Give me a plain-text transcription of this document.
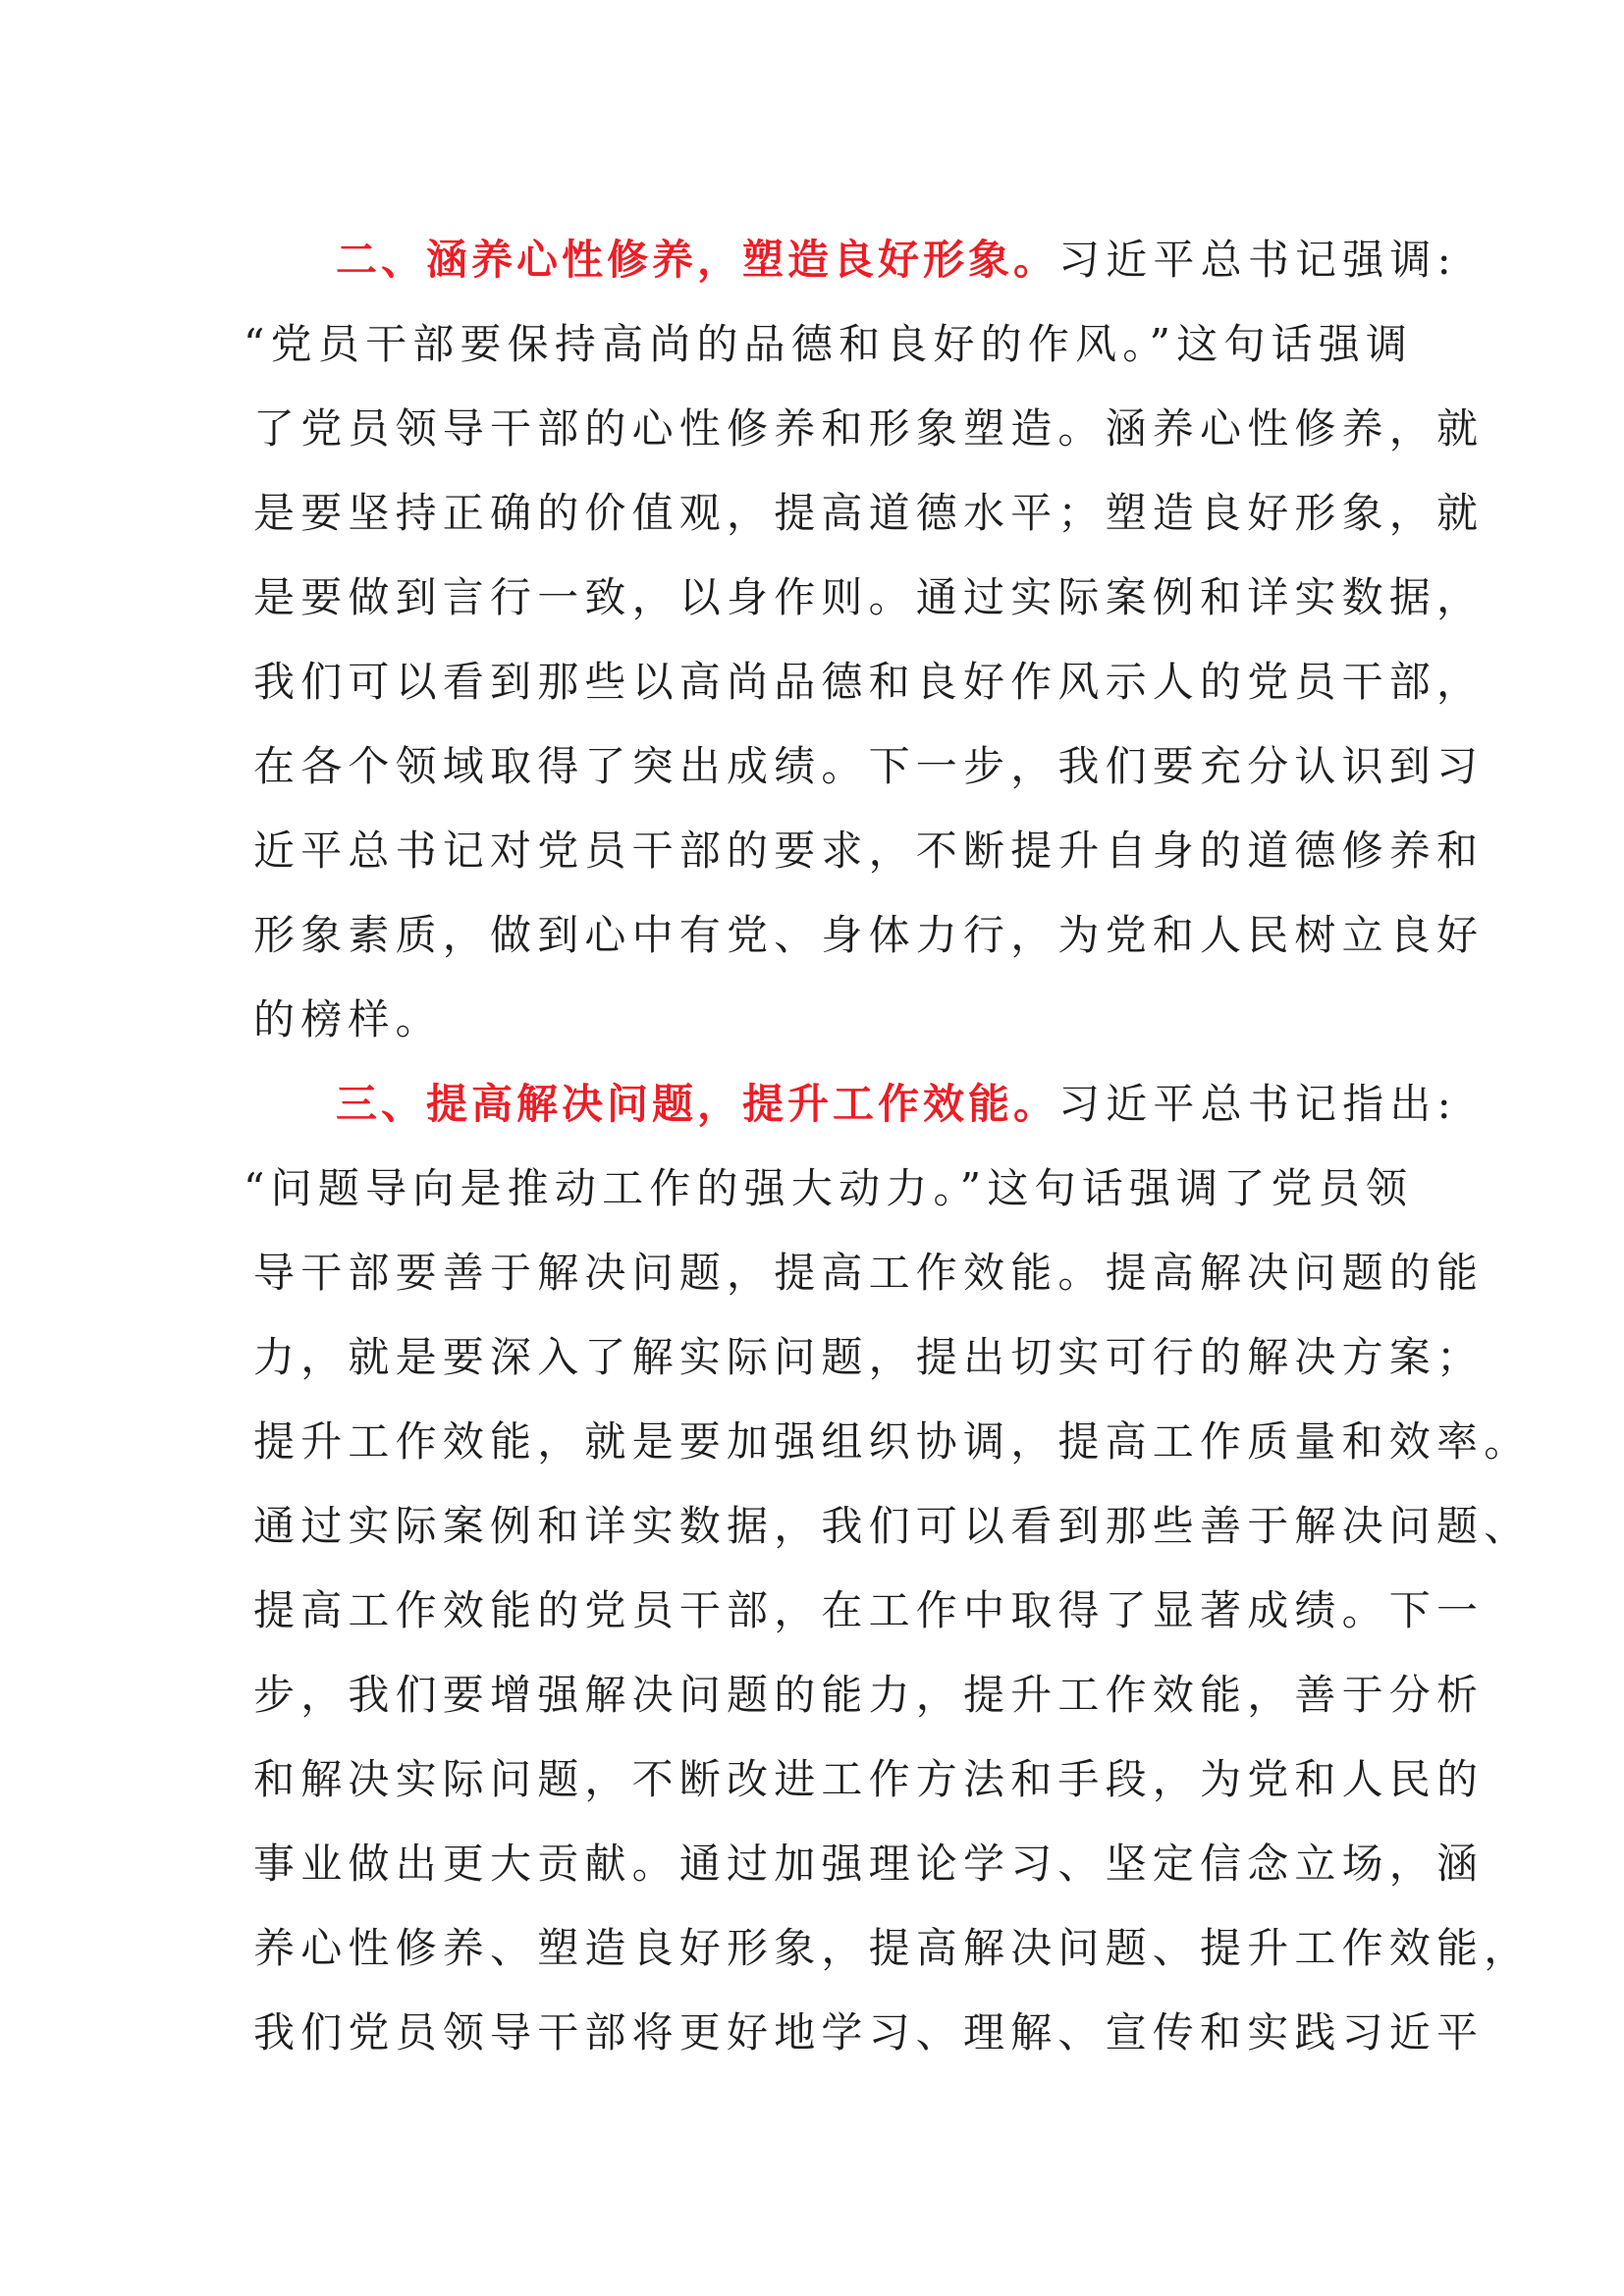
二、涵养心性修养，塑造良好形象。习近平总书记强调:
“党员干部要保持高尚的品德和良好的作风。”这句话强调
了党员领导干部的心性修养和形象塑造。涵养心性修养，就
是要坚持正确的价值观，提高道德水平；塑造良好形象，就
是要做到言行一致，以身作则。通过实际案例和详实数据，
我们可以看到那些以高尚品德和良好作风示人的党员干部，
在各个领域取得了突出成绩。下一步，我们要充分认识到习
近平总书记对党员干部的要求，不断提升自身的道德修养和
形象素质，做到心中有党、身体力行，为党和人民树立良好
的榜样。
三、提高解决问题，提升工作效能。习近平总书记指出:
“问题导向是推动工作的强大动力。”这句话强调了党员领
导干部要善于解决问题，提高工作效能。提高解决问题的能
力，就是要深入了解实际问题，提出切实可行的解决方案；
提升工作效能，就是要加强组织协调，提高工作质量和效率。
通过实际案例和详实数据，我们可以看到那些善于解决问题、
提高工作效能的党员干部，在工作中取得了显著成绩。下一
步，我们要增强解决问题的能力，提升工作效能，善于分析
和解决实际问题，不断改进工作方法和手段，为党和人民的
事业做出更大贡献。通过加强理论学习、坚定信念立场，涵
养心性修养、塑造良好形象，提高解决问题、提升工作效能，
我们党员领导干部将更好地学习、理解、宣传和实践习近平
